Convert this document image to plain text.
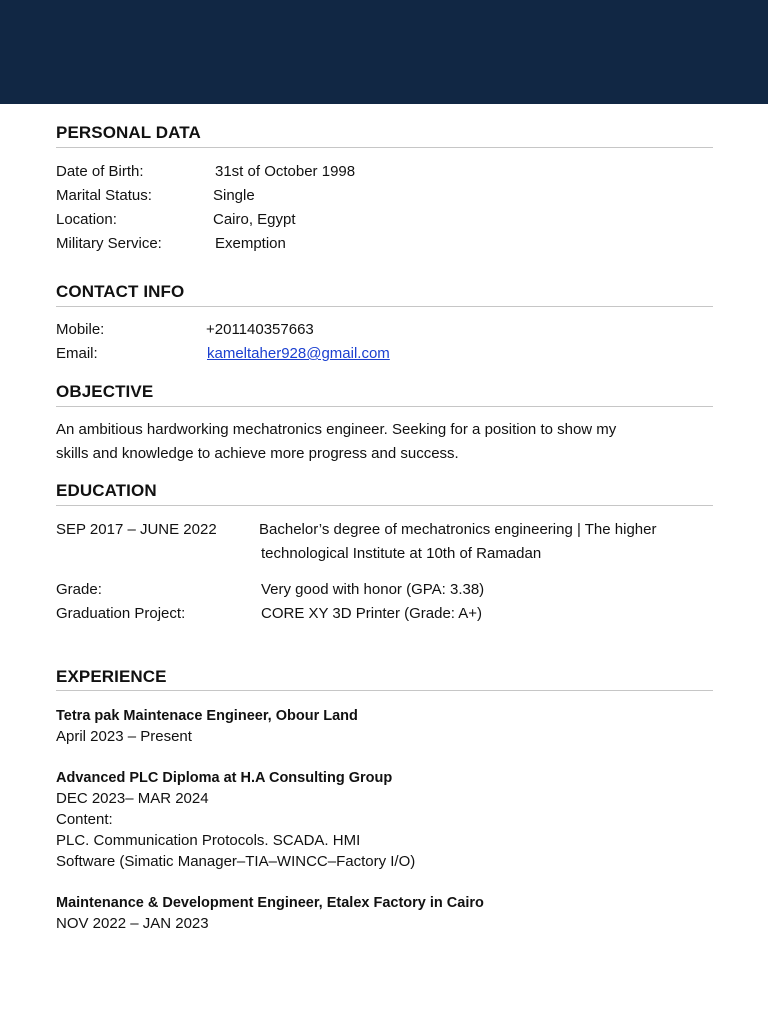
PERSONAL DATA
Date of Birth:	31st of October 1998
Marital Status:	Single
Location:	Cairo, Egypt
Military Service:	Exemption
CONTACT INFO
Mobile:	+201140357663
Email:	kameltaher928@gmail.com
OBJECTIVE
An ambitious hardworking mechatronics engineer. Seeking for a position to show my
skills and knowledge to achieve more progress and success.
EDUCATION
SEP 2017 – JUNE 2022	Bachelor’s degree of mechatronics engineering | The higher
technological Institute at 10th of Ramadan
Grade:	Very good with honor (GPA: 3.38)
Graduation Project:	CORE XY 3D Printer (Grade: A+)
EXPERIENCE
Tetra pak Maintenace Engineer, Obour Land
April 2023 – Present
Advanced PLC Diploma at H.A Consulting Group
DEC 2023– MAR 2024
Content:
PLC. Communication Protocols. SCADA. HMI
Software (Simatic Manager–TIA–WINCC–Factory I/O)
Maintenance & Development Engineer, Etalex Factory in Cairo
NOV 2022 – JAN 2023
